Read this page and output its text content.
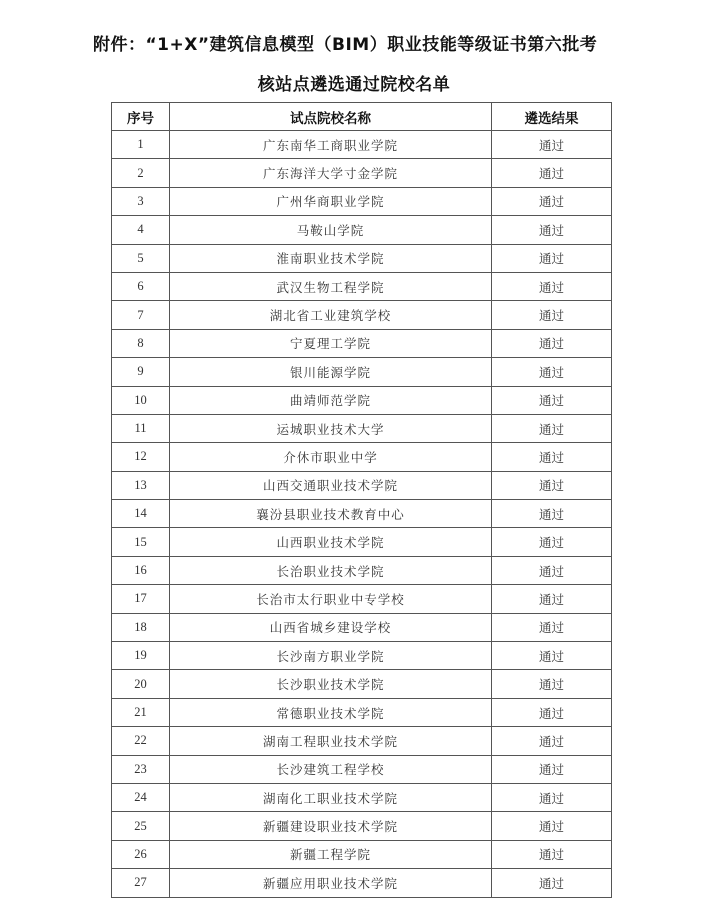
附件：“1+X”建筑信息模型（BIM）职业技能等级证书第六批考
核站点遴选通过院校名单
序号	试点院校名称	遴选结果
1	广东南华工商职业学院	通过
2	广东海洋大学寸金学院	通过
3	广州华商职业学院	通过
4	马鞍山学院	通过
5	淮南职业技术学院	通过
6	武汉生物工程学院	通过
7	湖北省工业建筑学校	通过
8	宁夏理工学院	通过
9	银川能源学院	通过
10	曲靖师范学院	通过
11	运城职业技术大学	通过
12	介休市职业中学	通过
13	山西交通职业技术学院	通过
14	襄汾县职业技术教育中心	通过
15	山西职业技术学院	通过
16	长治职业技术学院	通过
17	长治市太行职业中专学校	通过
18	山西省城乡建设学校	通过
19	长沙南方职业学院	通过
20	长沙职业技术学院	通过
21	常德职业技术学院	通过
22	湖南工程职业技术学院	通过
23	长沙建筑工程学校	通过
24	湖南化工职业技术学院	通过
25	新疆建设职业技术学院	通过
26	新疆工程学院	通过
27	新疆应用职业技术学院	通过
